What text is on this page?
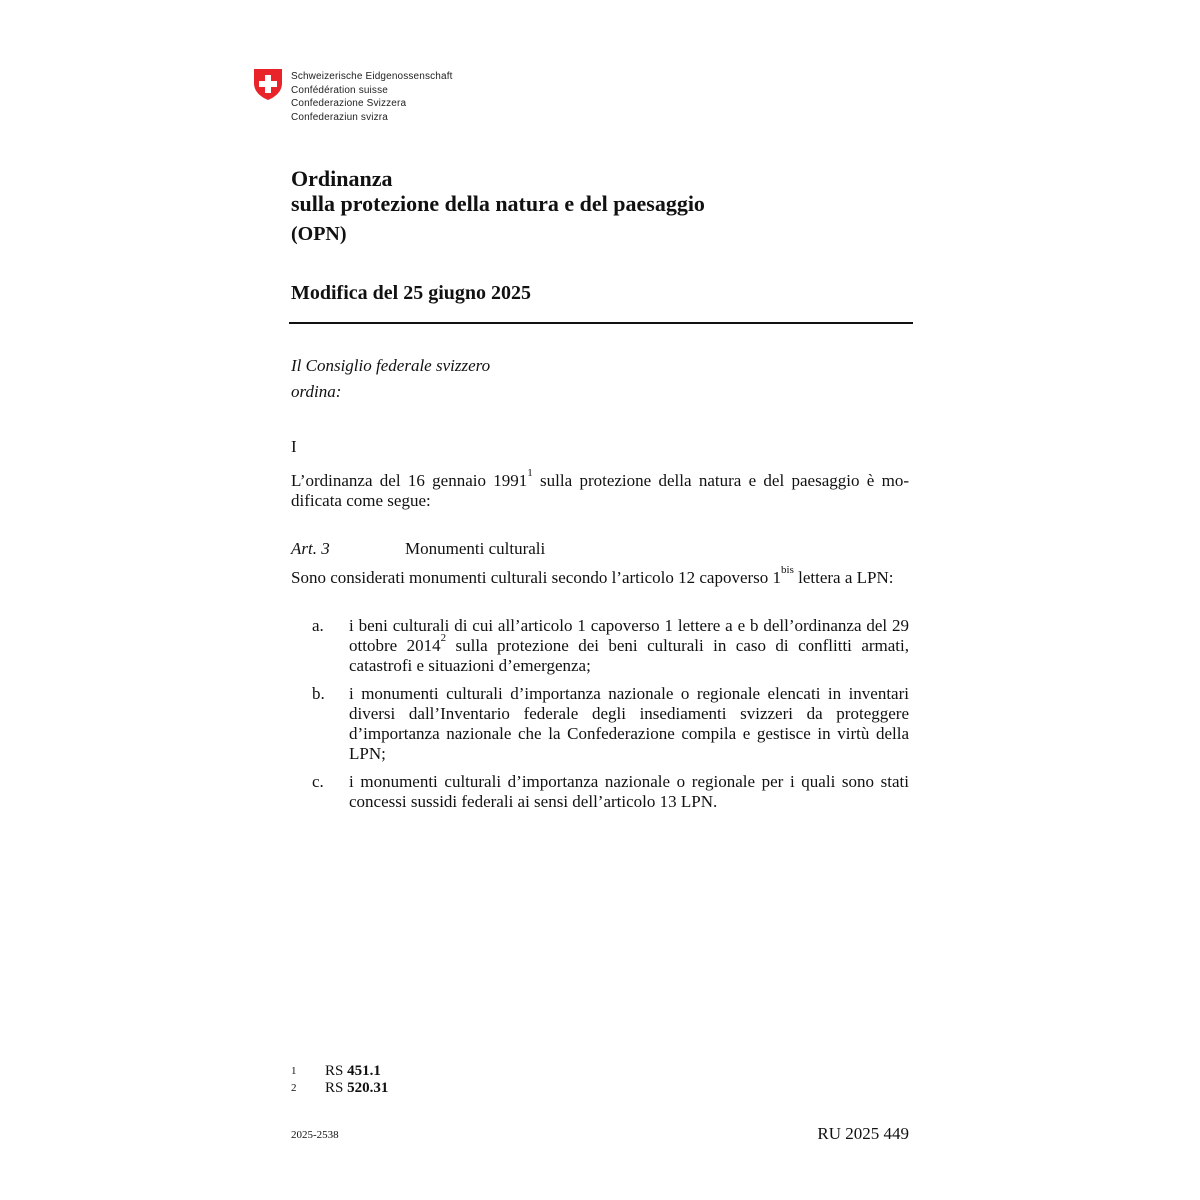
Schweizerische Eidgenossenschaft
Confédération suisse
Confederazione Svizzera
Confederaziun svizra
Ordinanza
sulla protezione della natura e del paesaggio
(OPN)
Modifica del 25 giugno 2025
Il Consiglio federale svizzero
ordina:
I
L’ordinanza del 16 gennaio 1991$^1$ sulla protezione della natura e del paesaggio è mo-dificata come segue:
Art. 3	Monumenti culturali
Sono considerati monumenti culturali secondo l’articolo 12 capoverso $1^{bis}$ lettera a LPN:
a.	i beni culturali di cui all’articolo 1 capoverso 1 lettere a e b dell’ordinanza del 29 ottobre 2014$^2$ sulla protezione dei beni culturali in caso di conflitti armati, catastrofi e situazioni d’emergenza;
b.	i monumenti culturali d’importanza nazionale o regionale elencati in inventari diversi dall’Inventario federale degli insediamenti svizzeri da proteggere d’importanza nazionale che la Confederazione compila e gestisce in virtù della LPN;
c.	i monumenti culturali d’importanza nazionale o regionale per i quali sono stati concessi sussidi federali ai sensi dell’articolo 13 LPN.
1 RS 451.1
2 RS 520.31
2025-2538	RU 2025 449
